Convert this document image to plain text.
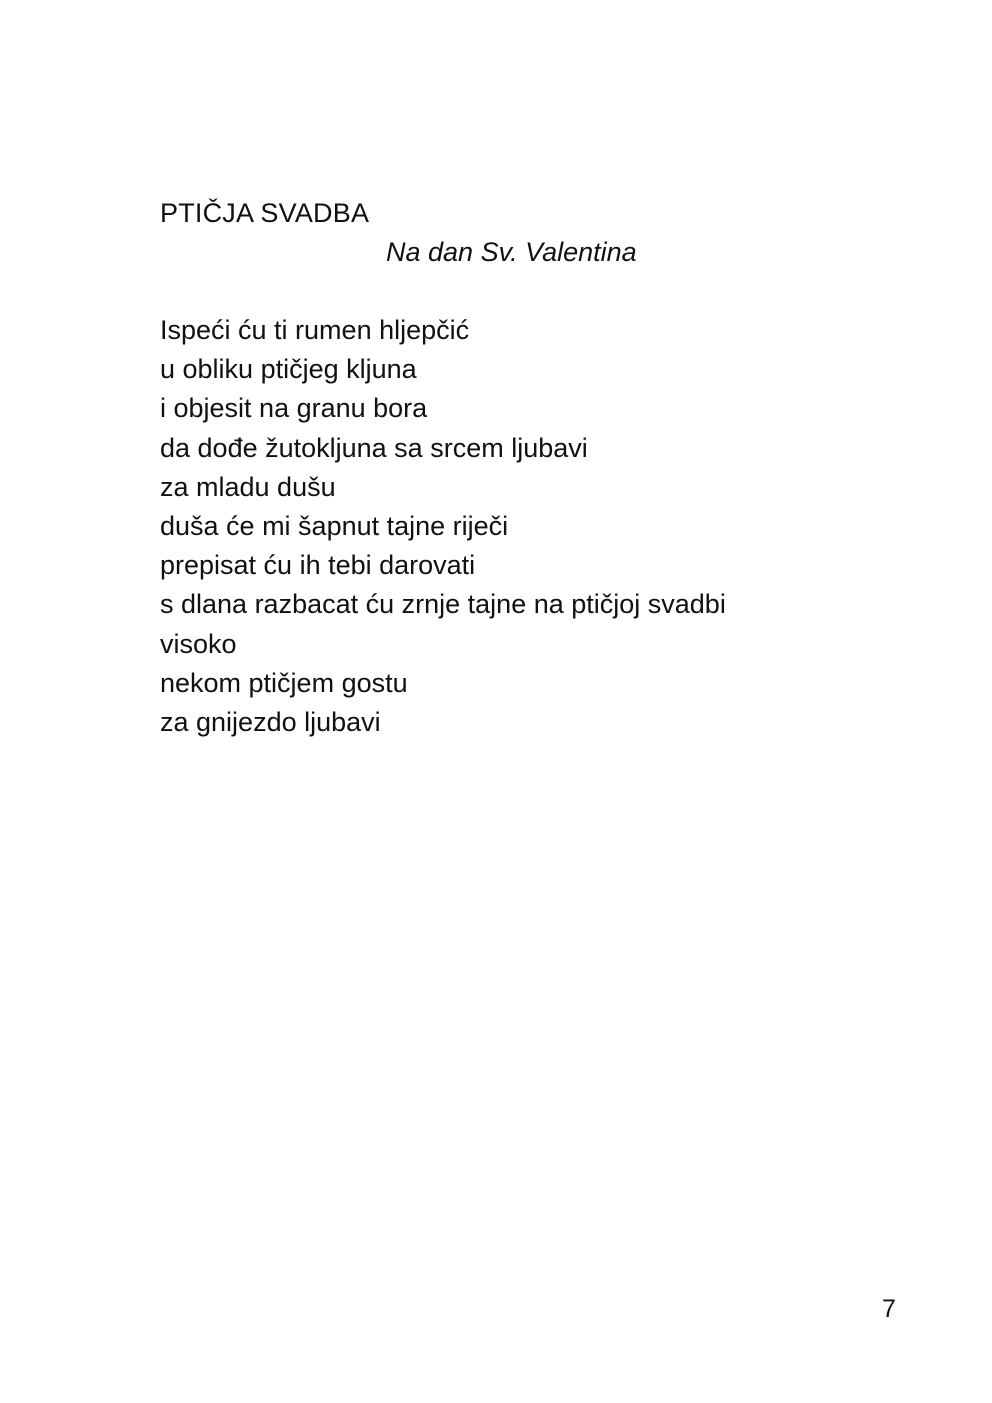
PTIČJA SVADBA
Na dan Sv. Valentina
Ispeći ću ti rumen hljepčić
u obliku ptičjeg kljuna
i objesit na granu bora
da dođe žutokljuna sa srcem ljubavi
za mladu dušu
duša će mi šapnut tajne riječi
prepisat ću ih tebi darovati
s dlana razbacat ću zrnje tajne na ptičjoj svadbi
visoko
nekom ptičjem gostu
za gnijezdo ljubavi
7
